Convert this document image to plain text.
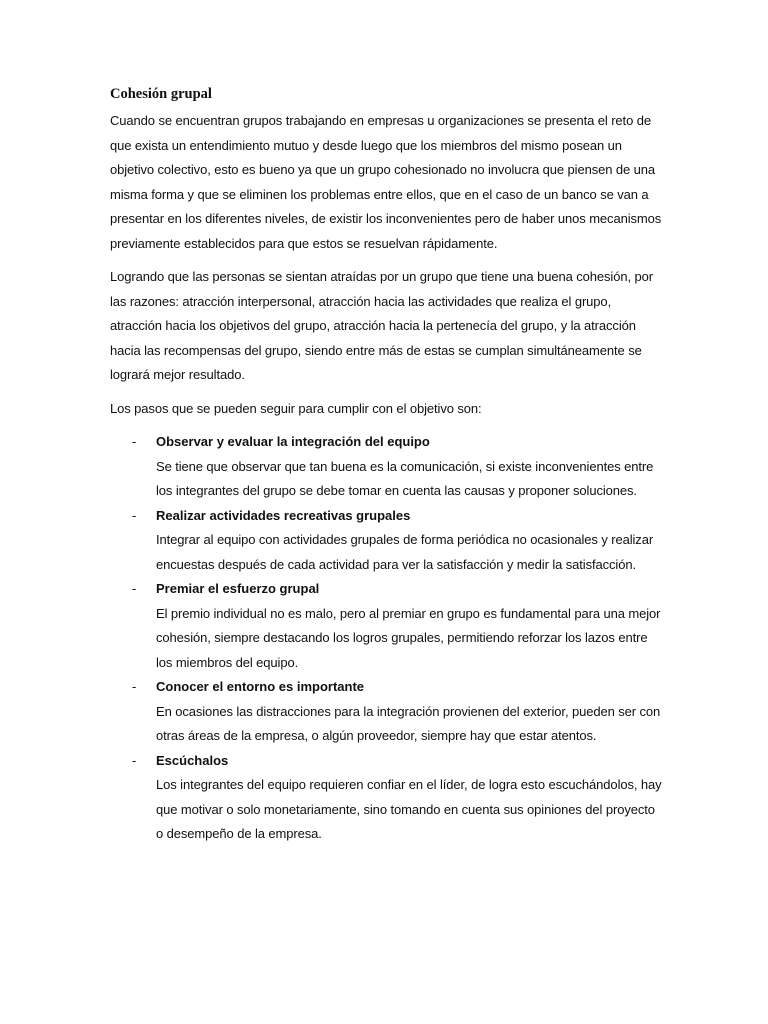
Cohesión grupal

Cuando se encuentran grupos trabajando en empresas u organizaciones se presenta el reto de que exista un entendimiento mutuo y desde luego que los miembros del mismo posean un objetivo colectivo, esto es bueno ya que un grupo cohesionado no involucra que piensen de una misma forma y que se eliminen los problemas entre ellos, que en el caso de un banco se van a presentar en los diferentes niveles, de existir los inconvenientes pero de haber unos mecanismos previamente establecidos para que estos se resuelvan rápidamente.

Logrando que las personas se sientan atraídas por un grupo que tiene una buena cohesión, por las razones: atracción interpersonal, atracción hacia las actividades que realiza el grupo, atracción hacia los objetivos del grupo, atracción hacia la pertenecía del grupo, y la atracción hacia las recompensas del grupo, siendo entre más de estas se cumplan simultáneamente se logrará mejor resultado.

Los pasos que se pueden seguir para cumplir con el objetivo son:

-	Observar y evaluar la integración del equipo
Se tiene que observar que tan buena es la comunicación, si existe inconvenientes entre los integrantes del grupo se debe tomar en cuenta las causas y proponer soluciones.
-	Realizar actividades recreativas grupales
Integrar al equipo con actividades grupales de forma periódica no ocasionales y realizar encuestas después de cada actividad para ver la satisfacción y medir la satisfacción.
-	Premiar el esfuerzo grupal
El premio individual no es malo, pero al premiar en grupo es fundamental para una mejor cohesión, siempre destacando los logros grupales, permitiendo reforzar los lazos entre los miembros del equipo.
-	Conocer el entorno es importante
En ocasiones las distracciones para la integración provienen del exterior, pueden ser con otras áreas de la empresa, o algún proveedor, siempre hay que estar atentos.
-	Escúchalos
Los integrantes del equipo requieren confiar en el líder, de logra esto escuchándolos, hay que motivar o solo monetariamente, sino tomando en cuenta sus opiniones del proyecto o desempeño de la empresa.
